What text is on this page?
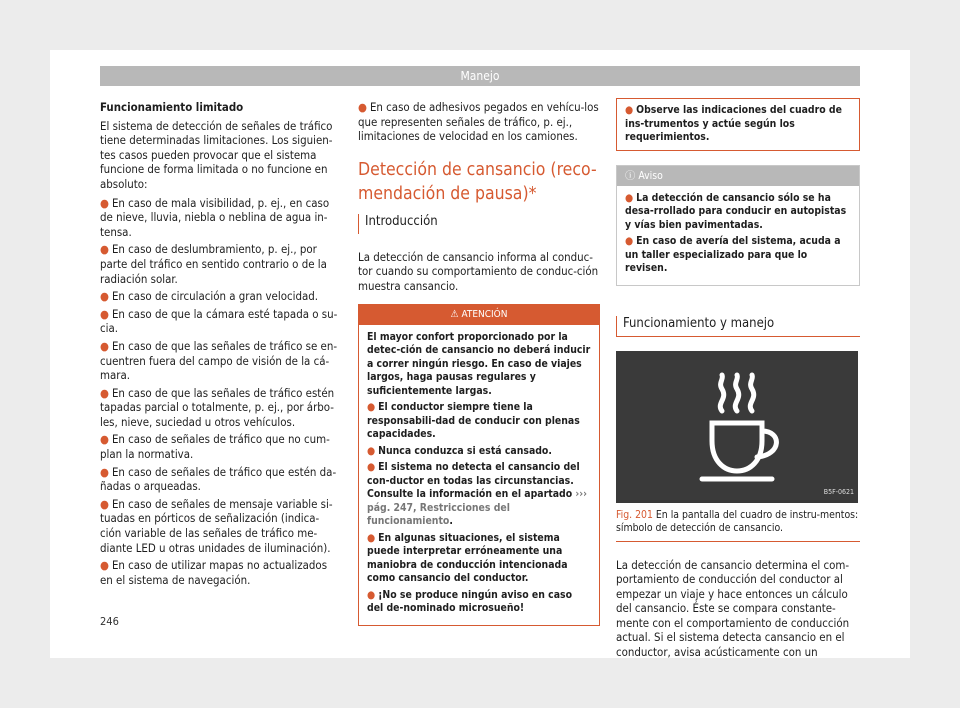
Manejo

Funcionamiento limitado

El sistema de detección de señales de tráfico tiene determinadas limitaciones. Los siguien-tes casos pueden provocar que el sistema funcione de forma limitada o no funcione en absoluto:

● En caso de mala visibilidad, p. ej., en caso de nieve, lluvia, niebla o neblina de agua in-tensa.
● En caso de deslumbramiento, p. ej., por parte del tráfico en sentido contrario o de la radiación solar.
● En caso de circulación a gran velocidad.
● En caso de que la cámara esté tapada o su-cia.
● En caso de que las señales de tráfico se en-cuentren fuera del campo de visión de la cá-mara.
● En caso de que las señales de tráfico estén tapadas parcial o totalmente, p. ej., por árbo-les, nieve, suciedad u otros vehículos.
● En caso de señales de tráfico que no cum-plan la normativa.
● En caso de señales de tráfico que estén da-ñadas o arqueadas.
● En caso de señales de mensaje variable si-tuadas en pórticos de señalización (indica-ción variable de las señales de tráfico me-diante LED u otras unidades de iluminación).
● En caso de utilizar mapas no actualizados en el sistema de navegación.
● En caso de adhesivos pegados en vehícu-los que representen señales de tráfico, p. ej., limitaciones de velocidad en los camiones.
Detección de cansancio (reco-mendación de pausa)*
Introducción

La detección de cansancio informa al conduc-tor cuando su comportamiento de conduc-ción muestra cansancio.

⚠ ATENCIÓN

El mayor confort proporcionado por la detec-ción de cansancio no deberá inducir a correr ningún riesgo. En caso de viajes largos, haga pausas regulares y suficientemente largas.

● El conductor siempre tiene la responsabili-dad de conducir con plenas capacidades.

● Nunca conduzca si está cansado.

● El sistema no detecta el cansancio del con-ductor en todas las circunstancias. Consulte la información en el apartado ››› pág. 247, Restricciones del funcionamiento.

● En algunas situaciones, el sistema puede interpretar erróneamente una maniobra de conducción intencionada como cansancio del conductor.

● ¡No se produce ningún aviso en caso del de-nominado microsueño!

● Observe las indicaciones del cuadro de ins-trumentos y actúe según los requerimientos.
ⓘ Aviso

● La detección de cansancio sólo se ha desa-rrollado para conducir en autopistas y vías bien pavimentadas.

● En caso de avería del sistema, acuda a un taller especializado para que lo revisen.

Funcionamiento y manejo
B5F-0621
Fig. 201 En la pantalla del cuadro de instru-mentos: símbolo de detección de cansancio.

La detección de cansancio determina el com-portamiento de conducción del conductor al empezar un viaje y hace entonces un cálculo del cansancio. Éste se compara constante-mente con el comportamiento de conducción actual. Si el sistema detecta cansancio en el conductor, avisa acústicamente con un

246
